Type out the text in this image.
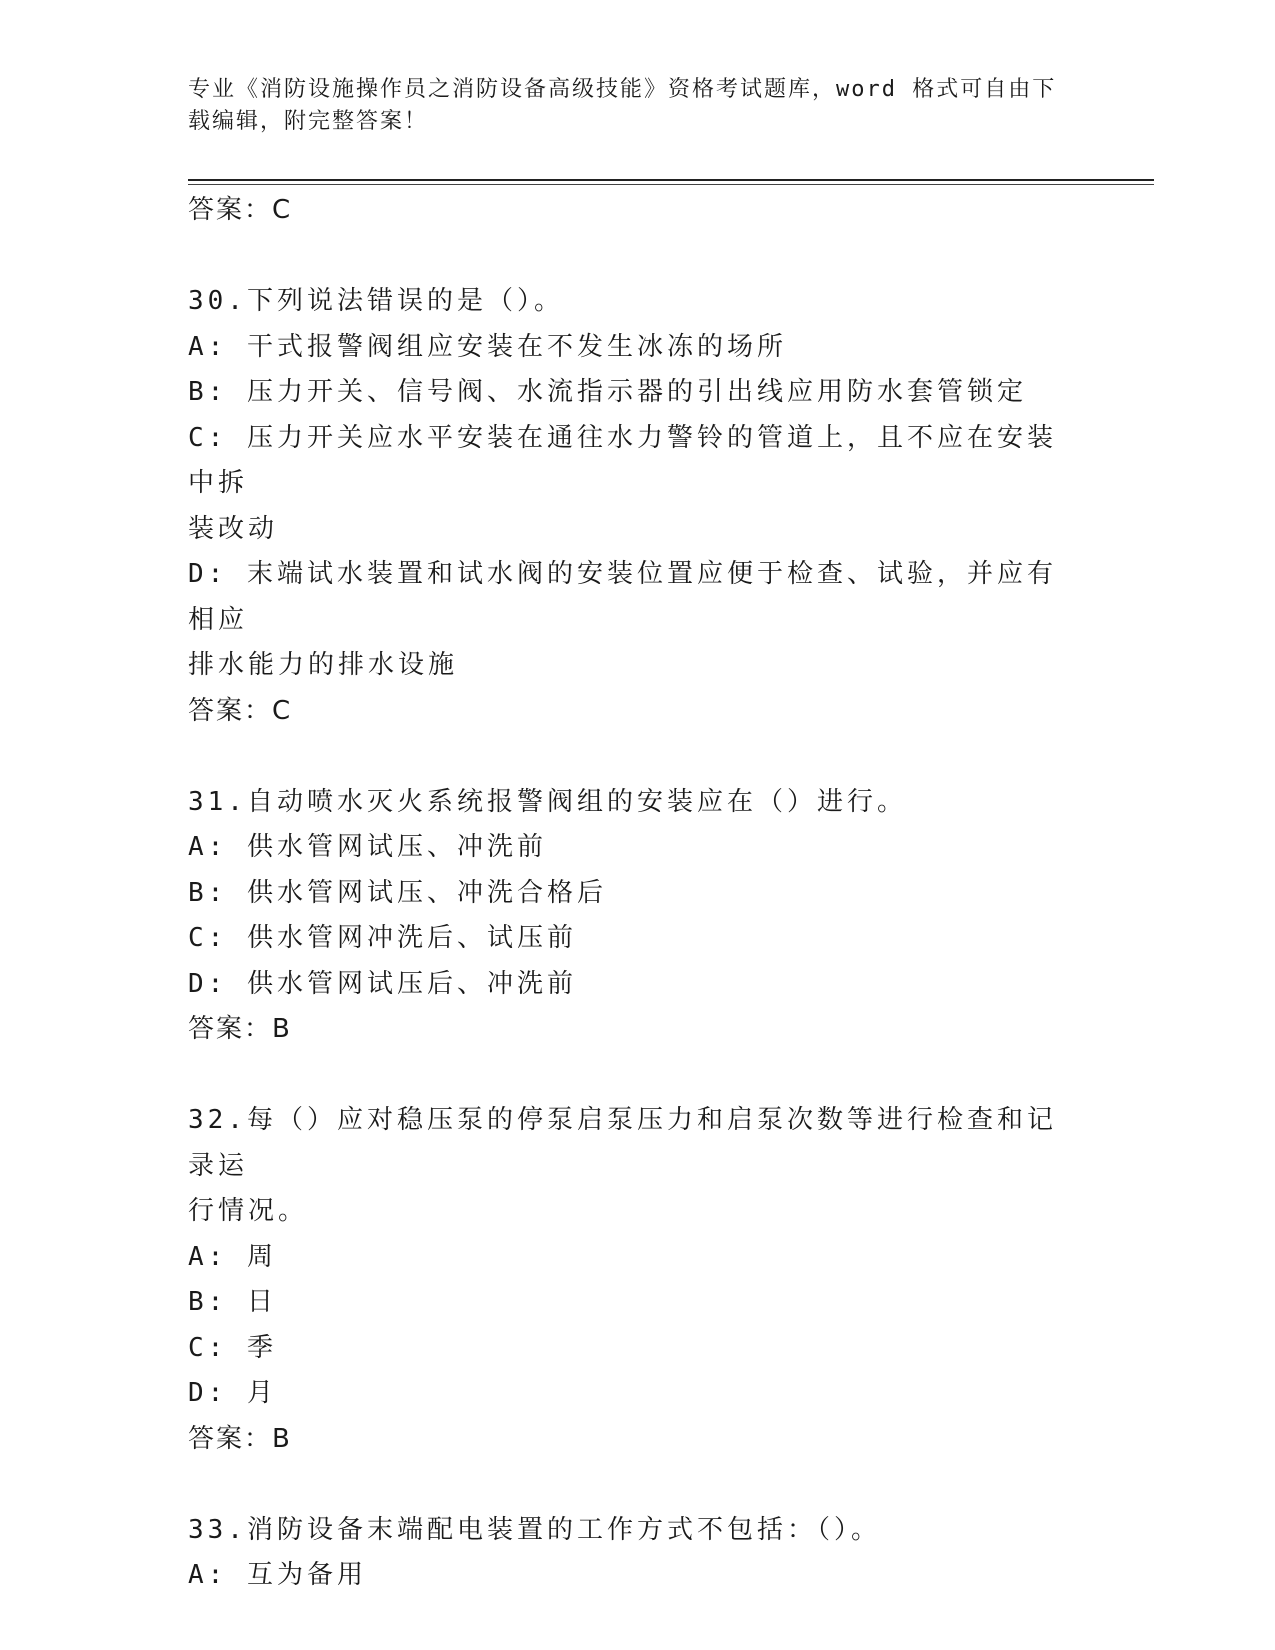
专业《消防设施操作员之消防设备高级技能》资格考试题库，word 格式可自由下
载编辑，附完整答案！
答案：C
30.下列说法错误的是（）。
A: 干式报警阀组应安装在不发生冰冻的场所
B: 压力开关、信号阀、水流指示器的引出线应用防水套管锁定
C: 压力开关应水平安装在通往水力警铃的管道上，且不应在安装中拆
装改动
D: 末端试水装置和试水阀的安装位置应便于检查、试验，并应有相应
排水能力的排水设施
答案：C
31.自动喷水灭火系统报警阀组的安装应在（）进行。
A: 供水管网试压、冲洗前
B: 供水管网试压、冲洗合格后
C: 供水管网冲洗后、试压前
D: 供水管网试压后、冲洗前
答案：B
32.每（）应对稳压泵的停泵启泵压力和启泵次数等进行检查和记录运
行情况。
A: 周
B: 日
C: 季
D: 月
答案：B
33.消防设备末端配电装置的工作方式不包括：（）。
A: 互为备用
